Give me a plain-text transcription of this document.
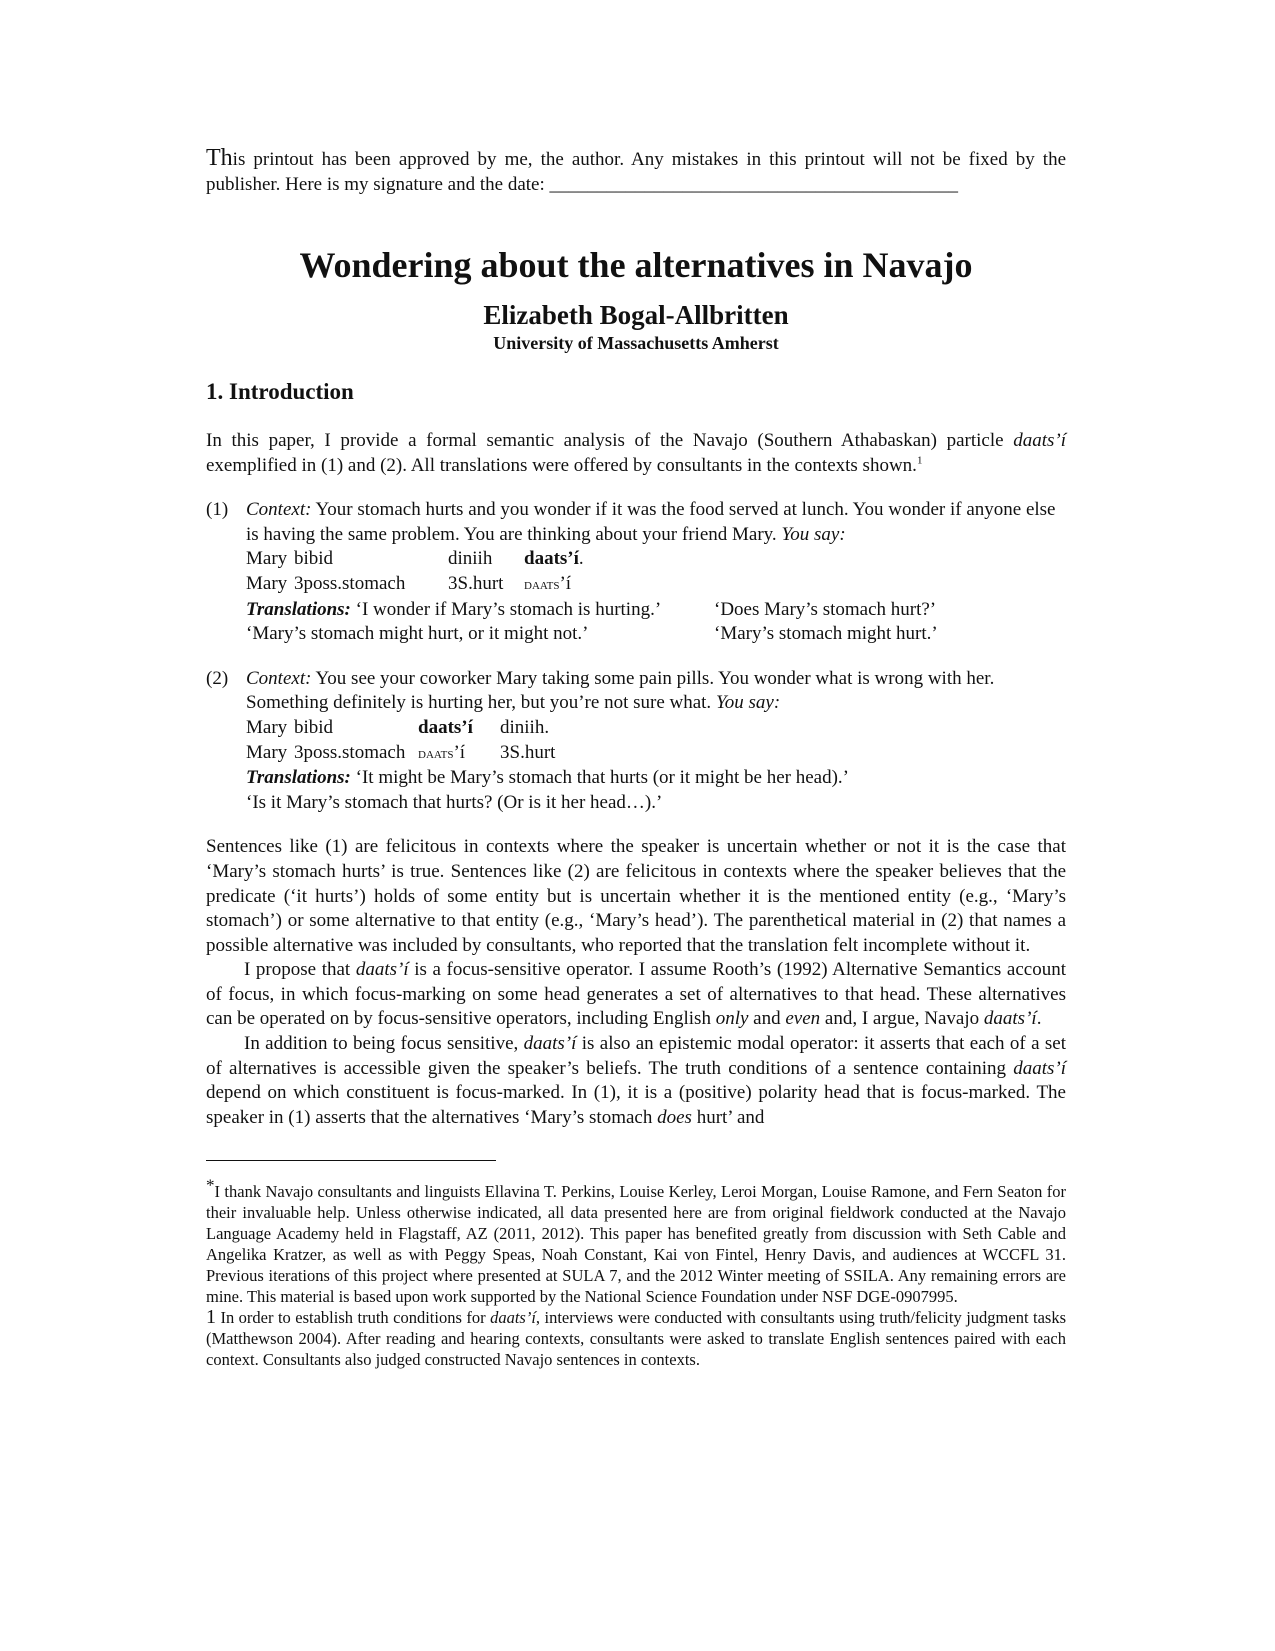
This printout has been approved by me, the author. Any mistakes in this printout will not be fixed by the publisher. Here is my signature and the date: ___________________________________________
Wondering about the alternatives in Navajo
Elizabeth Bogal-Allbritten
University of Massachusetts Amherst
1. Introduction

In this paper, I provide a formal semantic analysis of the Navajo (Southern Athabaskan) particle daats’í exemplified in (1) and (2). All translations were offered by consultants in the contexts shown.$^1$

(1) Context: Your stomach hurts and you wonder if it was the food served at lunch. You wonder if anyone else is having the same problem. You are thinking about your friend Mary. You say:
Mary bibid	diniih	daats’í.
Mary 3poss.stomach	3S.hurt	daats’í
Translations: ‘I wonder if Mary’s stomach is hurting.’	‘Does Mary’s stomach hurt?’
‘Mary’s stomach might hurt, or it might not.’	‘Mary’s stomach might hurt.’
(2) Context: You see your coworker Mary taking some pain pills. You wonder what is wrong with her. Something definitely is hurting her, but you’re not sure what. You say:
Mary bibid	daats’í	diniih.
Mary 3poss.stomach daats’í	3S.hurt
Translations: ‘It might be Mary’s stomach that hurts (or it might be her head).’
‘Is it Mary’s stomach that hurts? (Or is it her head…).’

Sentences like (1) are felicitous in contexts where the speaker is uncertain whether or not it is the case that ‘Mary’s stomach hurts’ is true. Sentences like (2) are felicitous in contexts where the speaker believes that the predicate (‘it hurts’) holds of some entity but is uncertain whether it is the mentioned entity (e.g., ‘Mary’s stomach’) or some alternative to that entity (e.g., ‘Mary’s head’). The parenthetical material in (2) that names a possible alternative was included by consultants, who reported that the translation felt incomplete without it.

I propose that daats’í is a focus-sensitive operator. I assume Rooth’s (1992) Alternative Semantics account of focus, in which focus-marking on some head generates a set of alternatives to that head. These alternatives can be operated on by focus-sensitive operators, including English only and even and, I argue, Navajo daats’í.

In addition to being focus sensitive, daats’í is also an epistemic modal operator: it asserts that each of a set of alternatives is accessible given the speaker’s beliefs. The truth conditions of a sentence containing daats’í depend on which constituent is focus-marked. In (1), it is a (positive) polarity head that is focus-marked. The speaker in (1) asserts that the alternatives ‘Mary’s stomach does hurt’ and

*I thank Navajo consultants and linguists Ellavina T. Perkins, Louise Kerley, Leroi Morgan, Louise Ramone, and Fern Seaton for their invaluable help. Unless otherwise indicated, all data presented here are from original fieldwork conducted at the Navajo Language Academy held in Flagstaff, AZ (2011, 2012). This paper has benefited greatly from discussion with Seth Cable and Angelika Kratzer, as well as with Peggy Speas, Noah Constant, Kai von Fintel, Henry Davis, and audiences at WCCFL 31. Previous iterations of this project where presented at SULA 7, and the 2012 Winter meeting of SSILA. Any remaining errors are mine. This material is based upon work supported by the National Science Foundation under NSF DGE-0907995.
1 In order to establish truth conditions for daats’í, interviews were conducted with consultants using truth/felicity judgment tasks (Matthewson 2004). After reading and hearing contexts, consultants were asked to translate English sentences paired with each context. Consultants also judged constructed Navajo sentences in contexts.
